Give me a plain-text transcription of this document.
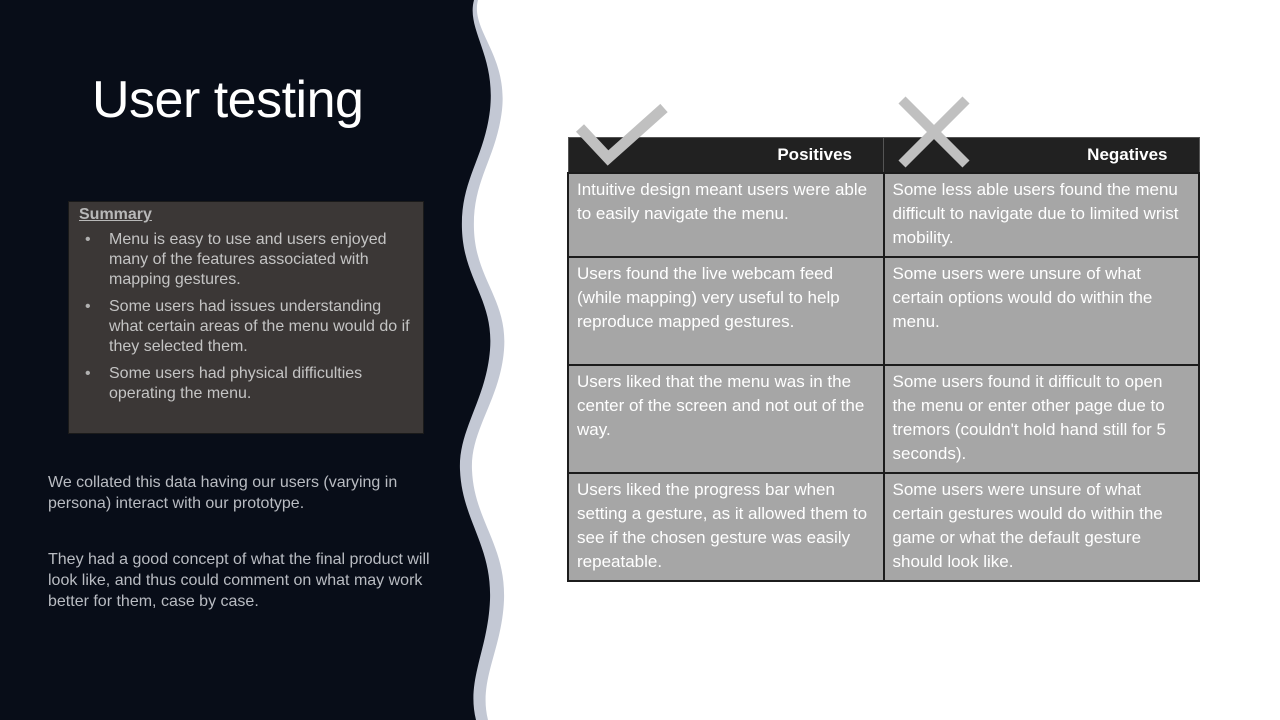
User testing
Summary
• Menu is easy to use and users enjoyed many of the features associated with mapping gestures.
• Some users had issues understanding what certain areas of the menu would do if they selected them.
• Some users had physical difficulties operating the menu.

We collated this data having our users (varying in persona) interact with our prototype.

They had a good concept of what the final product will look like, and thus could comment on what may work better for them, case by case.

Positives	Negatives
Intuitive design meant users were able to easily navigate the menu.	Some less able users found the menu difficult to navigate due to limited wrist mobility.
Users found the live webcam feed (while mapping) very useful to help reproduce mapped gestures.	Some users were unsure of what certain options would do within the menu.
Users liked that the menu was in the center of the screen and not out of the way.	Some users found it difficult to open the menu or enter other page due to tremors (couldn't hold hand still for 5 seconds).
Users liked the progress bar when setting a gesture, as it allowed them to see if the chosen gesture was easily repeatable.	Some users were unsure of what certain gestures would do within the game or what the default gesture should look like.
